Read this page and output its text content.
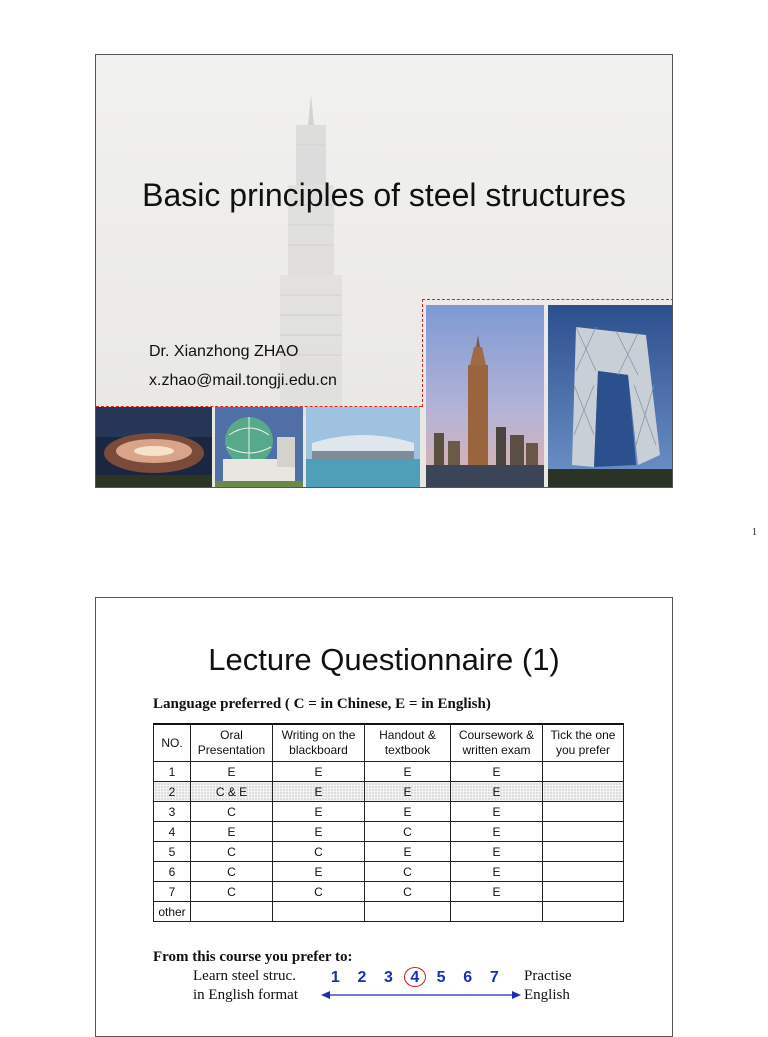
Basic principles of steel structures
Dr. Xianzhong ZHAO
x.zhao@mail.tongji.edu.cn
1
Lecture Questionnaire (1)
Language preferred ( C = in Chinese, E = in English)
NO.	Oral Presentation	Writing on the blackboard	Handout & textbook	Coursework & written exam	Tick the one you prefer
1	E	E	E	E	
2	C & E	E	E	E	
3	C	E	E	E	
4	E	E	C	E	
5	C	C	E	E	
6	C	E	C	E	
7	C	C	C	E	
other					
From this course you prefer to:
Learn steel struc.
in English format
Practise
English
1 2 3 4 5 6 7
